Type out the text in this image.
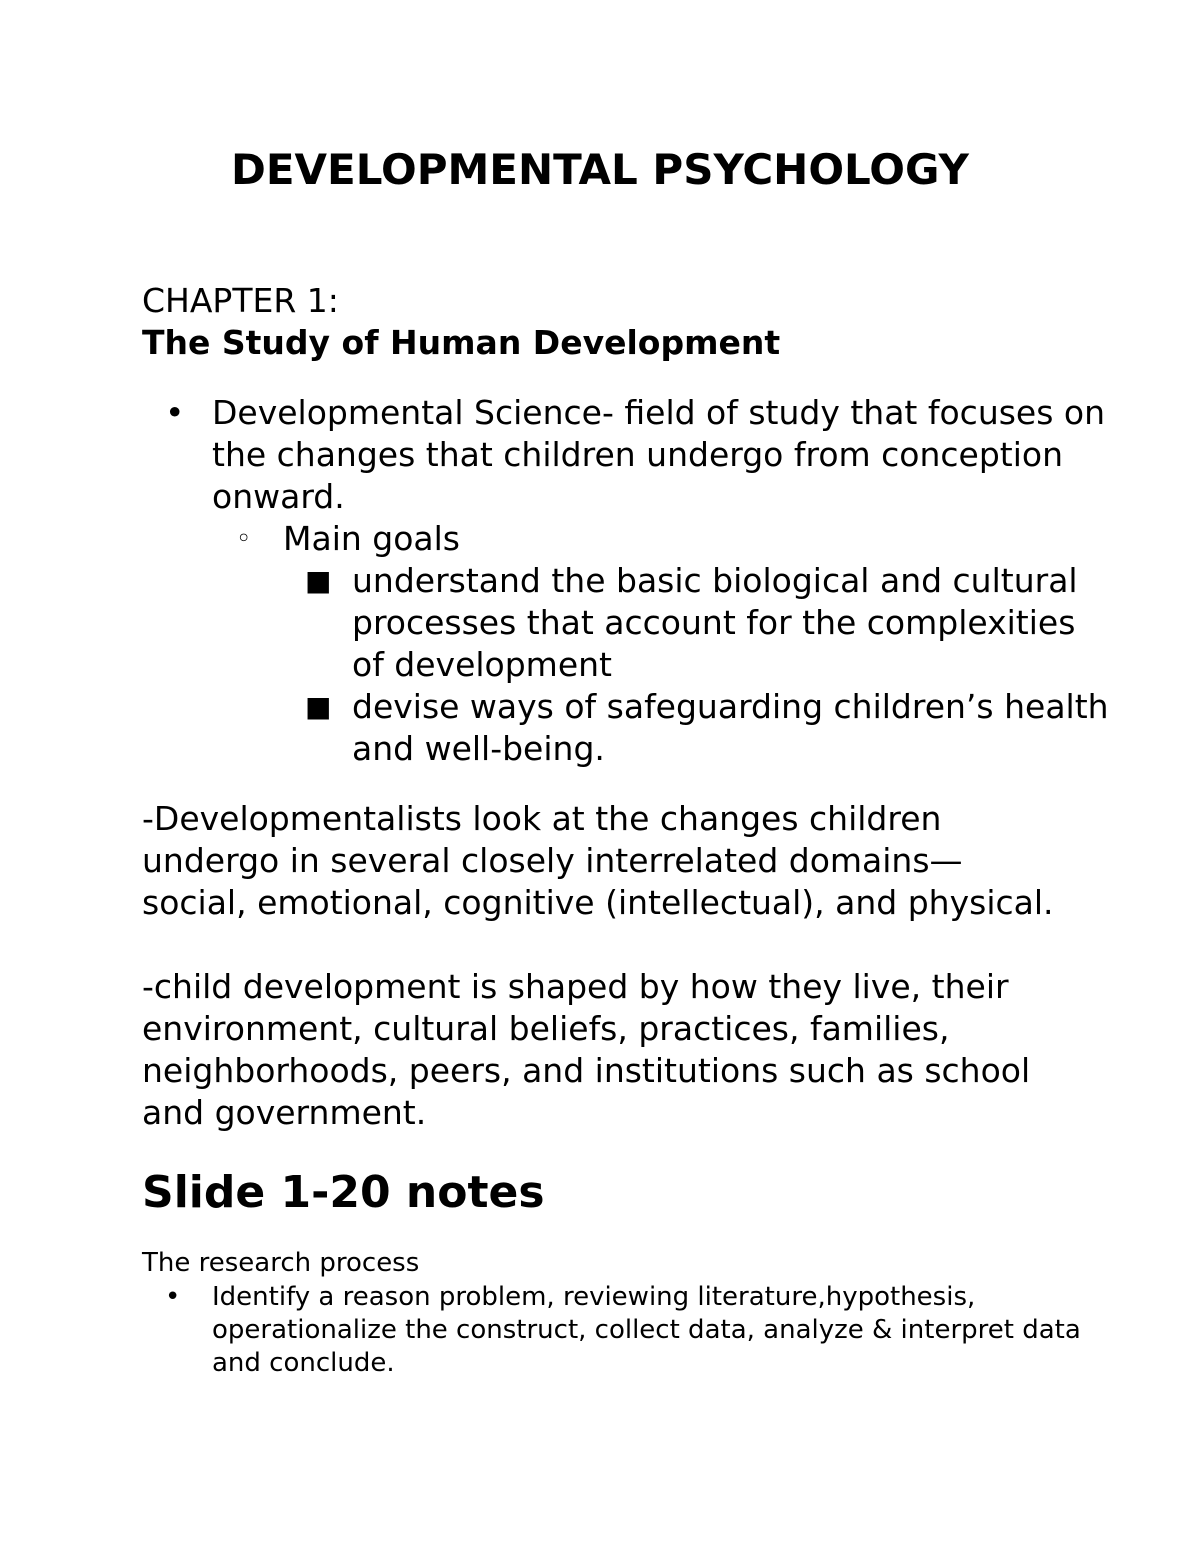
DEVELOPMENTAL PSYCHOLOGY

CHAPTER 1:

The Study of Human Development

• Developmental Science- field of study that focuses on the changes that children undergo from conception onward.

◦ Main goals

■ understand the basic biological and cultural processes that account for the complexities of development

■ devise ways of safeguarding children’s health and well-being.

-Developmentalists look at the changes children undergo in several closely interrelated domains—social, emotional, cognitive (intellectual), and physical.

-child development is shaped by how they live, their environment, cultural beliefs, practices, families, neighborhoods, peers, and institutions such as school and government.

Slide 1-20 notes

The research process

• Identify a reason problem, reviewing literature,hypothesis, operationalize the construct, collect data, analyze & interpret data and conclude.
